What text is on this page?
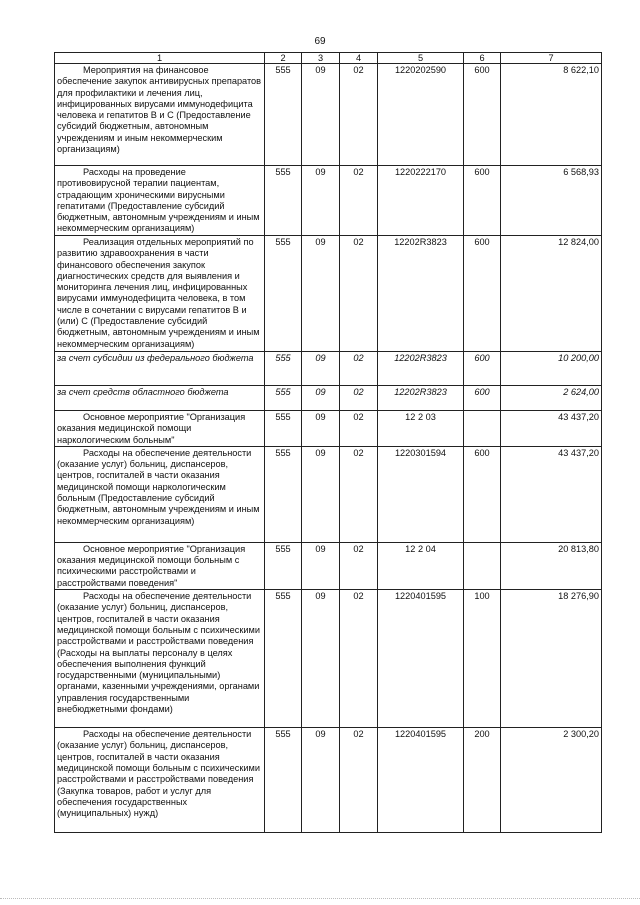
69
1	2	3	4	5	6	7
Мероприятия на финансовое обеспечение закупок антивирусных препаратов для профилактики и лечения лиц, инфицированных вирусами иммунодефицита человека и гепатитов В и С (Предоставление субсидий бюджетным, автономным учреждениям и иным некоммерческим организациям)	555	09	02	1220202590	600	8 622,10
Расходы на проведение противовирусной терапии пациентам, страдающим хроническими вирусными гепатитами (Предоставление субсидий бюджетным, автономным учреждениям и иным некоммерческим организациям)	555	09	02	1220222170	600	6 568,93
Реализация отдельных мероприятий по развитию здравоохранения в части финансового обеспечения закупок диагностических средств для выявления и мониторинга лечения лиц, инфицированных вирусами иммунодефицита человека, в том числе в сочетании с вирусами гепатитов В и (или) С (Предоставление субсидий бюджетным, автономным учреждениям и иным некоммерческим организациям)	555	09	02	12202R3823	600	12 824,00
за счет субсидии из федерального бюджета	555	09	02	12202R3823	600	10 200,00
за счет средств областного бюджета	555	09	02	12202R3823	600	2 624,00
Основное мероприятие "Организация оказания медицинской помощи наркологическим больным"	555	09	02	12 2 03		43 437,20
Расходы на обеспечение деятельности (оказание услуг) больниц, диспансеров, центров, госпиталей в части оказания медицинской помощи наркологическим больным (Предоставление субсидий бюджетным, автономным учреждениям и иным некоммерческим организациям)	555	09	02	1220301594	600	43 437,20
Основное мероприятие "Организация оказания медицинской помощи больным с психическими расстройствами и расстройствами поведения"	555	09	02	12 2 04		20 813,80
Расходы на обеспечение деятельности (оказание услуг) больниц, диспансеров, центров, госпиталей в части оказания медицинской помощи больным с психическими расстройствами и расстройствами поведения (Расходы на выплаты персоналу в целях обеспечения выполнения функций государственными (муниципальными) органами, казенными учреждениями, органами управления государственными внебюджетными фондами)	555	09	02	1220401595	100	18 276,90
Расходы на обеспечение деятельности (оказание услуг) больниц, диспансеров, центров, госпиталей в части оказания медицинской помощи больным с психическими расстройствами и расстройствами поведения (Закупка товаров, работ и услуг для обеспечения государственных (муниципальных) нужд)	555	09	02	1220401595	200	2 300,20
